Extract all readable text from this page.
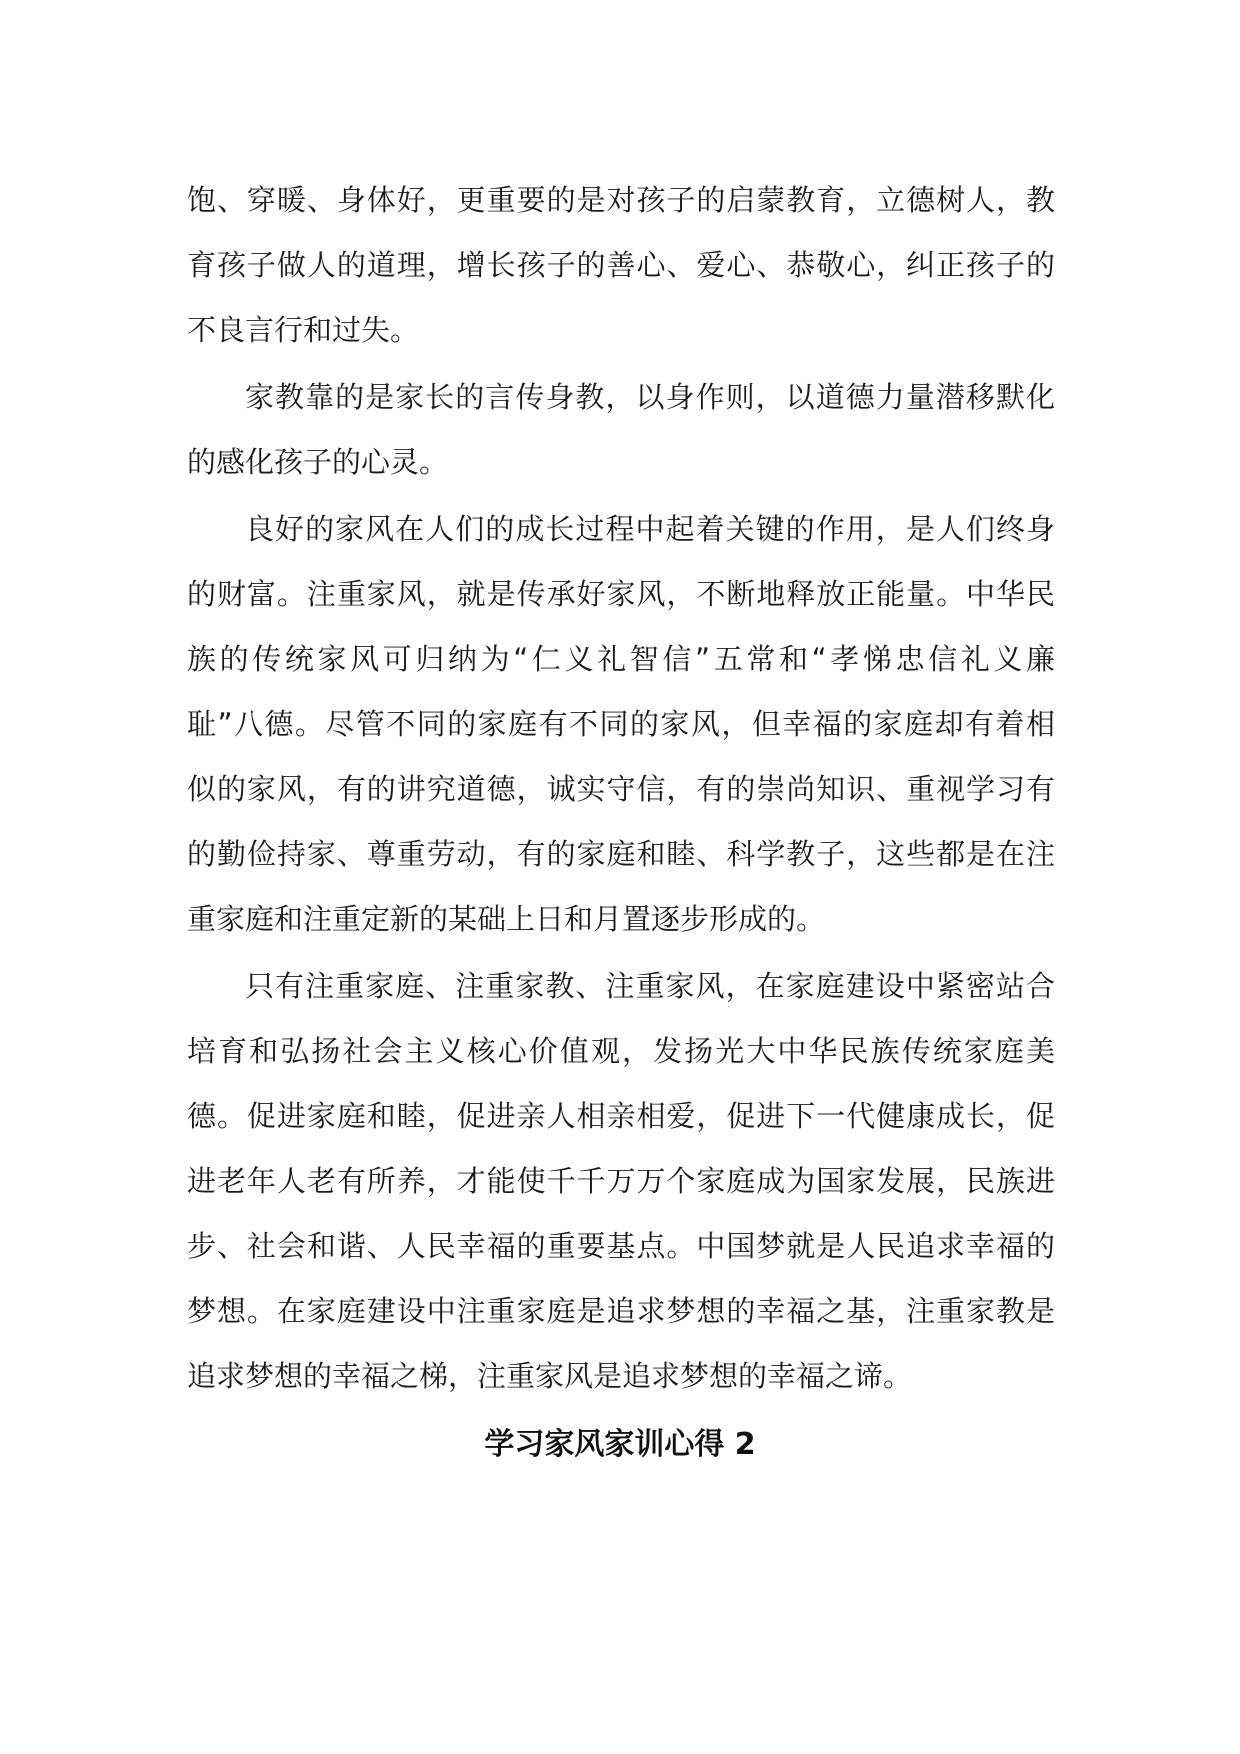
饱、穿暖、身体好，更重要的是对孩子的启蒙教育，立德树人，教
育孩子做人的道理，增长孩子的善心、爱心、恭敬心，纠正孩子的
不良言行和过失。
家教靠的是家长的言传身教，以身作则，以道德力量潜移默化
的感化孩子的心灵。
良好的家风在人们的成长过程中起着关键的作用，是人们终身
的财富。注重家风，就是传承好家风，不断地释放正能量。中华民
族的传统家风可归纳为“仁义礼智信”五常和“孝悌忠信礼义廉
耻”八德。尽管不同的家庭有不同的家风，但幸福的家庭却有着相
似的家风，有的讲究道德，诚实守信，有的崇尚知识、重视学习有
的勤俭持家、尊重劳动，有的家庭和睦、科学教子，这些都是在注
重家庭和注重定新的某础上日和月置逐步形成的。
只有注重家庭、注重家教、注重家风，在家庭建设中紧密站合
培育和弘扬社会主义核心价值观，发扬光大中华民族传统家庭美
德。促进家庭和睦，促进亲人相亲相爱，促进下一代健康成长，促
进老年人老有所养，才能使千千万万个家庭成为国家发展，民族进
步、社会和谐、人民幸福的重要基点。中国梦就是人民追求幸福的
梦想。在家庭建设中注重家庭是追求梦想的幸福之基，注重家教是
追求梦想的幸福之梯，注重家风是追求梦想的幸福之谛。
学习家风家训心得 2
